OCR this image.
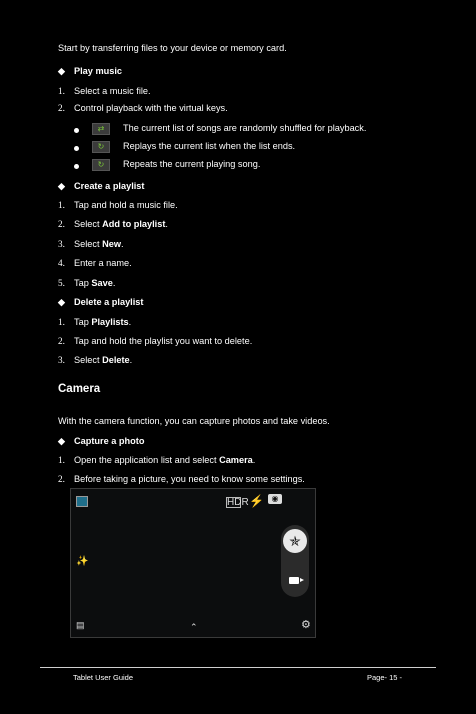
Start by transferring files to your device or memory card.
◆ Play music
1. Select a music file.
2. Control playback with the virtual keys.
⇄	The current list of songs are randomly shuffled for playback.
↻	Replays the current list when the list ends.
↻	Repeats the current playing song.
◆ Create a playlist
1. Tap and hold a music file.
2. Select Add to playlist.
3. Select New.
4. Enter a name.
5. Tap Save.
◆ Delete a playlist
1. Tap Playlists.
2. Tap and hold the playlist you want to delete.
3. Select Delete.
Camera
With the camera function, you can capture photos and take videos.
◆ Capture a photo
1. Open the application list and select Camera.
2. Before taking a picture, you need to know some settings.
HDR ⚡ ◉
✨
▤	⌃	⚙
✯
Tablet User Guide	Page- 15 -
